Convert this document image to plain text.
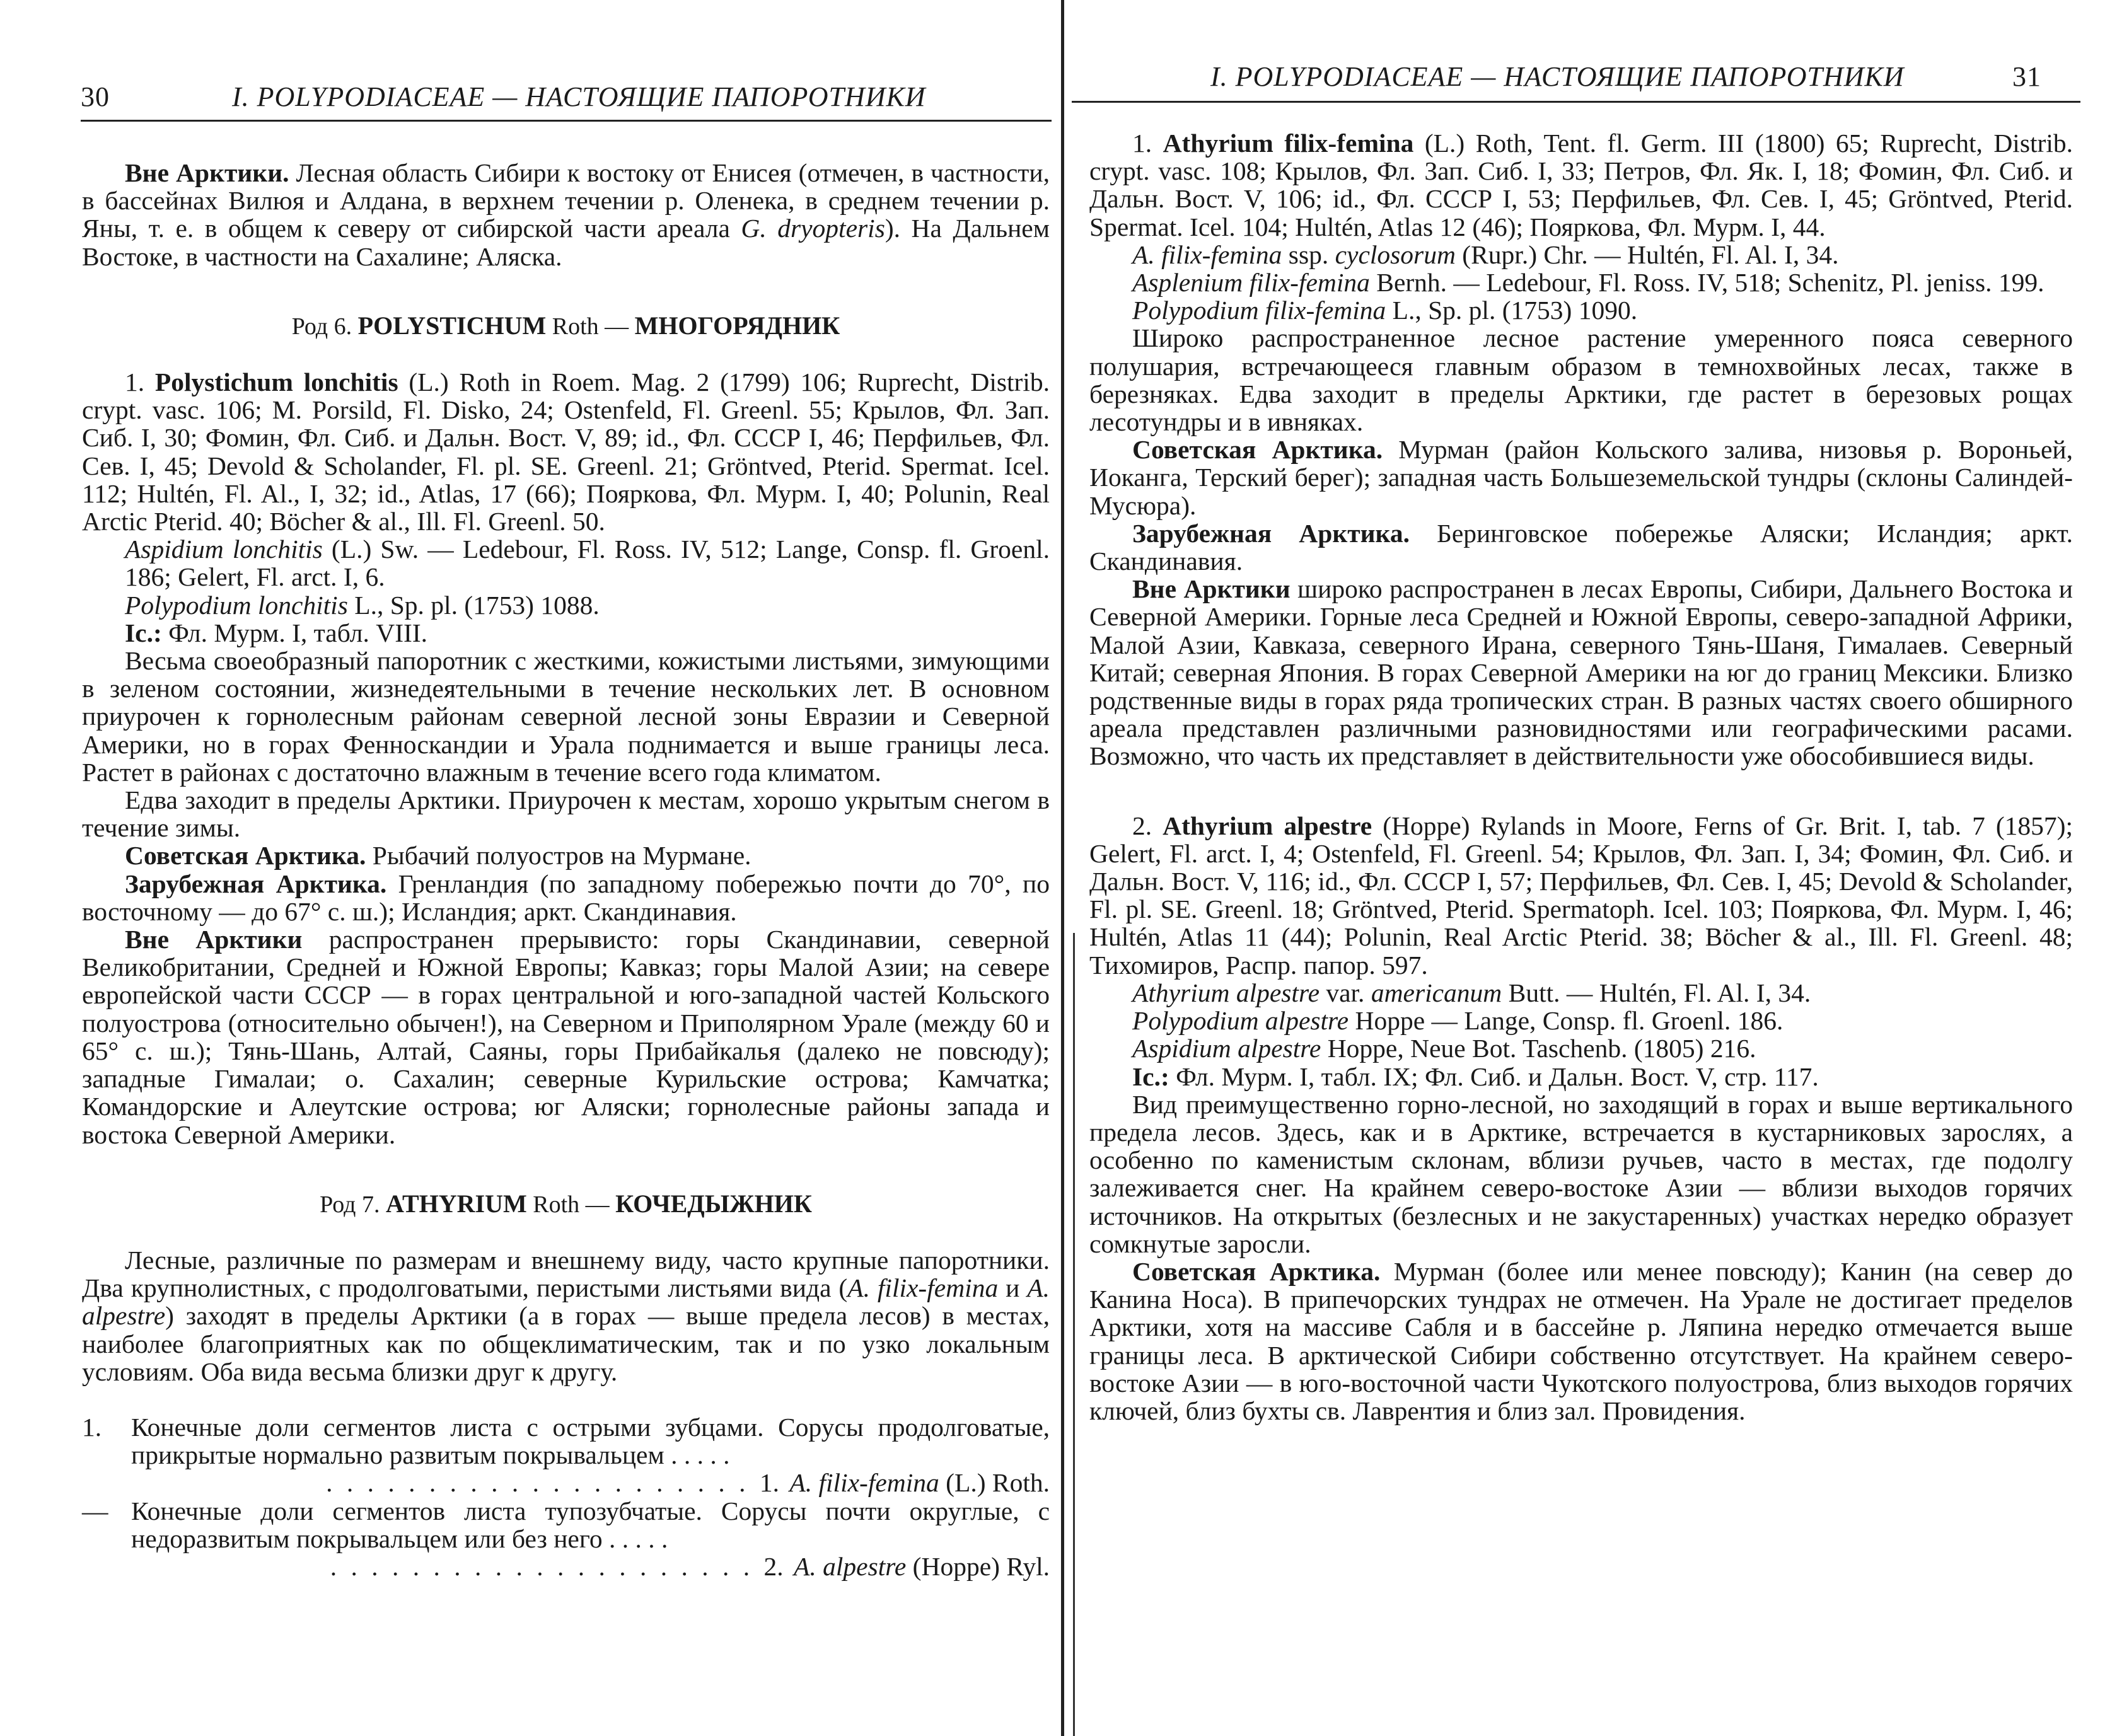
30	I. POLYPODIACEAE — НАСТОЯЩИЕ ПАПОРОТНИКИ

Вне Арктики. Лесная область Сибири к востоку от Енисея (отмечен, в частности, в бассейнах Вилюя и Алдана, в верхнем течении р. Оленека, в среднем течении р. Яны, т. е. в общем к северу от сибирской части ареала G. dryopteris). На Дальнем Востоке, в частности на Сахалине; Аляска.

Род 6. POLYSTICHUM Roth — МНОГОРЯДНИК

1. Polystichum lonchitis (L.) Roth in Roem. Mag. 2 (1799) 106; Ruprecht, Distrib. crypt. vasc. 106; M. Porsild, Fl. Disko, 24; Ostenfeld, Fl. Greenl. 55; Крылов, Фл. Зап. Сиб. I, 30; Фомин, Фл. Сиб. и Дальн. Вост. V, 89; id., Фл. СССР I, 46; Перфильев, Фл. Сев. I, 45; Devold & Scholander, Fl. pl. SE. Greenl. 21; Gröntved, Pterid. Spermat. Icel. 112; Hultén, Fl. Al., I, 32; id., Atlas, 17 (66); Пояркова, Фл. Мурм. I, 40; Polunin, Real Arctic Pterid. 40; Böcher & al., Ill. Fl. Greenl. 50.

Aspidium lonchitis (L.) Sw. — Ledebour, Fl. Ross. IV, 512; Lange, Consp. fl. Groenl. 186; Gelert, Fl. arct. I, 6.

Polypodium lonchitis L., Sp. pl. (1753) 1088.

Ic.: Фл. Мурм. I, табл. VIII.

Весьма своеобразный папоротник с жесткими, кожистыми листьями, зимующими в зеленом состоянии, жизнедеятельными в течение нескольких лет. В основном приурочен к горнолесным районам северной лесной зоны Евразии и Северной Америки, но в горах Фенноскандии и Урала поднимается и выше границы леса. Растет в районах с достаточно влажным в течение всего года климатом.

Едва заходит в пределы Арктики. Приурочен к местам, хорошо укрытым снегом в течение зимы.

Советская Арктика. Рыбачий полуостров на Мурмане.

Зарубежная Арктика. Гренландия (по западному побережью почти до 70°, по восточному — до 67° с. ш.); Исландия; аркт. Скандинавия.

Вне Арктики распространен прерывисто: горы Скандинавии, северной Великобритании, Средней и Южной Европы; Кавказ; горы Малой Азии; на севере европейской части СССР — в горах центральной и юго-западной частей Кольского полуострова (относительно обычен!), на Северном и Приполярном Урале (между 60 и 65° с. ш.); Тянь-Шань, Алтай, Саяны, горы Прибайкалья (далеко не повсюду); западные Гималаи; о. Сахалин; северные Курильские острова; Камчатка; Командорские и Алеутские острова; юг Аляски; горнолесные районы запада и востока Северной Америки.

Род 7. ATHYRIUM Roth — КОЧЕДЫЖНИК

Лесные, различные по размерам и внешнему виду, часто крупные папоротники. Два крупнолистных, с продолговатыми, перистыми листьями вида (A. filix-femina и A. alpestre) заходят в пределы Арктики (а в горах — выше предела лесов) в местах, наиболее благоприятных как по общеклиматическим, так и по узко локальным условиям. Оба вида весьма близки друг к другу.

1. Конечные доли сегментов листа с острыми зубцами. Сорусы продолговатые, прикрытые нормально развитым покрывальцем . . . . .
. . . . . . . . . . . . . . . . . . . . . 1. A. filix-femina (L.) Roth.
— Конечные доли сегментов листа тупозубчатые. Сорусы почти округлые, с недоразвитым покрывальцем или без него . . . . .
. . . . . . . . . . . . . . . . . . . . . 2. A. alpestre (Hoppe) Ryl.
I. POLYPODIACEAE — НАСТОЯЩИЕ ПАПОРОТНИКИ	31

1. Athyrium filix-femina (L.) Roth, Tent. fl. Germ. III (1800) 65; Ruprecht, Distrib. crypt. vasc. 108; Крылов, Фл. Зап. Сиб. I, 33; Петров, Фл. Як. I, 18; Фомин, Фл. Сиб. и Дальн. Вост. V, 106; id., Фл. СССР I, 53; Перфильев, Фл. Сев. I, 45; Gröntved, Pterid. Spermat. Icel. 104; Hultén, Atlas 12 (46); Пояркова, Фл. Мурм. I, 44.

A. filix-femina ssp. cyclosorum (Rupr.) Chr. — Hultén, Fl. Al. I, 34.

Asplenium filix-femina Bernh. — Ledebour, Fl. Ross. IV, 518; Schenitz, Pl. jeniss. 199.

Polypodium filix-femina L., Sp. pl. (1753) 1090.

Широко распространенное лесное растение умеренного пояса северного полушария, встречающееся главным образом в темнохвойных лесах, также в березняках. Едва заходит в пределы Арктики, где растет в березовых рощах лесотундры и в ивняках.

Советская Арктика. Мурман (район Кольского залива, низовья р. Вороньей, Иоканга, Терский берег); западная часть Большеземельской тундры (склоны Салиндей-Мусюра).

Зарубежная Арктика. Беринговское побережье Аляски; Исландия; аркт. Скандинавия.

Вне Арктики широко распространен в лесах Европы, Сибири, Дальнего Востока и Северной Америки. Горные леса Средней и Южной Европы, северо-западной Африки, Малой Азии, Кавказа, северного Ирана, северного Тянь-Шаня, Гималаев. Северный Китай; северная Япония. В горах Северной Америки на юг до границ Мексики. Близко родственные виды в горах ряда тропических стран. В разных частях своего обширного ареала представлен различными разновидностями или географическими расами. Возможно, что часть их представляет в действительности уже обособившиеся виды.

2. Athyrium alpestre (Hoppe) Rylands in Moore, Ferns of Gr. Brit. I, tab. 7 (1857); Gelert, Fl. arct. I, 4; Ostenfeld, Fl. Greenl. 54; Крылов, Фл. Зап. I, 34; Фомин, Фл. Сиб. и Дальн. Вост. V, 116; id., Фл. СССР I, 57; Перфильев, Фл. Сев. I, 45; Devold & Scholander, Fl. pl. SE. Greenl. 18; Gröntved, Pterid. Spermatoph. Icel. 103; Пояркова, Фл. Мурм. I, 46; Hultén, Atlas 11 (44); Polunin, Real Arctic Pterid. 38; Böcher & al., Ill. Fl. Greenl. 48; Тихомиров, Распр. папор. 597.

Athyrium alpestre var. americanum Butt. — Hultén, Fl. Al. I, 34.

Polypodium alpestre Hoppe — Lange, Consp. fl. Groenl. 186.

Aspidium alpestre Hoppe, Neue Bot. Taschenb. (1805) 216.

Ic.: Фл. Мурм. I, табл. IX; Фл. Сиб. и Дальн. Вост. V, стр. 117.

Вид преимущественно горно-лесной, но заходящий в горах и выше вертикального предела лесов. Здесь, как и в Арктике, встречается в кустарниковых зарослях, а особенно по каменистым склонам, вблизи ручьев, часто в местах, где подолгу залеживается снег. На крайнем северо-востоке Азии — вблизи выходов горячих источников. На открытых (безлесных и не закустаренных) участках нередко образует сомкнутые заросли.

Советская Арктика. Мурман (более или менее повсюду); Канин (на север до Канина Носа). В припечорских тундрах не отмечен. На Урале не достигает пределов Арктики, хотя на массиве Сабля и в бассейне р. Ляпина нередко отмечается выше границы леса. В арктической Сибири собственно отсутствует. На крайнем северо-востоке Азии — в юго-восточной части Чукотского полуострова, близ выходов горячих ключей, близ бухты св. Лаврентия и близ зал. Провидения.
